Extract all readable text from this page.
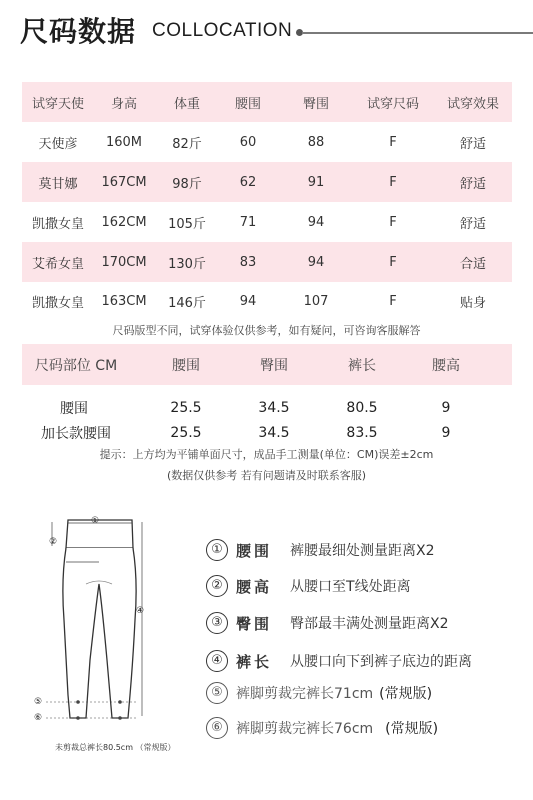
尺码数据 COLLOCATION
试穿天使	身高	体重	腰围	臀围	试穿尺码	试穿效果
天使彦	160M	82斤	60	88	F	舒适
莫甘娜	167CM	98斤	62	91	F	舒适
凯撒女皇	162CM	105斤	71	94	F	舒适
艾希女皇	170CM	130斤	83	94	F	合适
凯撒女皇	163CM	146斤	94	107	F	贴身
尺码版型不同，试穿体验仅供参考，如有疑问，可咨询客服解答
尺码部位 CM	腰围	臀围	裤长	腰高
腰围	25.5	34.5	80.5	9
加长款腰围	25.5	34.5	83.5	9
提示：上方均为平铺单面尺寸，成品手工测量(单位：CM)误差±2cm
(数据仅供参考 若有问题请及时联系客服)
①
②
④
⑤
⑥
未剪裁总裤长80.5cm （常规版）
① 腰围 裤腰最细处测量距离X2
② 腰高 从腰口至T线处距离
③ 臀围 臀部最丰满处测量距离X2
④ 裤长 从腰口向下到裤子底边的距离
⑤ 裤脚剪裁完裤长71cm (常规版)
⑥ 裤脚剪裁完裤长76cm (常规版)
